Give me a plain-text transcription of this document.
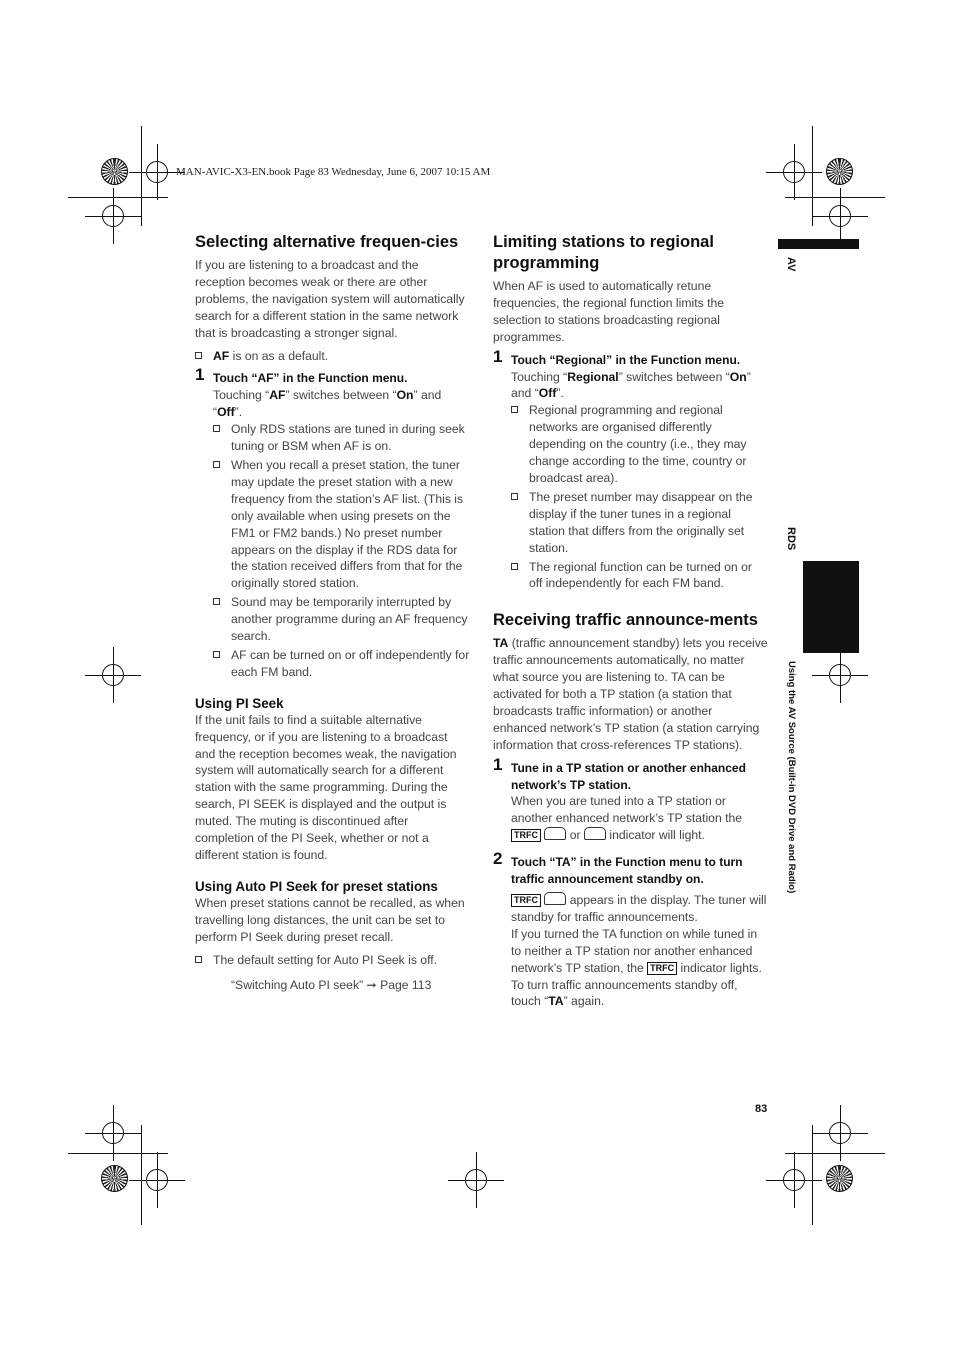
MAN-AVIC-X3-EN.book Page 83 Wednesday, June 6, 2007 10:15 AM
Selecting alternative frequen-cies

If you are listening to a broadcast and the reception becomes weak or there are other problems, the navigation system will automatically search for a different station in the same network that is broadcasting a stronger signal.

AF is on as a default.
1 Touch “AF” in the Function menu.
Touching “AF” switches between “On” and “Off”.
Only RDS stations are tuned in during seek tuning or BSM when AF is on.
When you recall a preset station, the tuner may update the preset station with a new frequency from the station’s AF list. (This is only available when using presets on the FM1 or FM2 bands.) No preset number appears on the display if the RDS data for the station received differs from that for the originally stored station.
Sound may be temporarily interrupted by another programme during an AF frequency search.
AF can be turned on or off independently for each FM band.
Using PI Seek

If the unit fails to find a suitable alternative frequency, or if you are listening to a broadcast and the reception becomes weak, the navigation system will automatically search for a different station with the same programming. During the search, PI SEEK is displayed and the output is muted. The muting is discontinued after completion of the PI Seek, whether or not a different station is found.

Using Auto PI Seek for preset stations

When preset stations cannot be recalled, as when travelling long distances, the unit can be set to perform PI Seek during preset recall.

The default setting for Auto PI Seek is off.
“Switching Auto PI seek” ➞ Page 113
Limiting stations to regional programming

When AF is used to automatically retune frequencies, the regional function limits the selection to stations broadcasting regional programmes.

1 Touch “Regional” in the Function menu.
Touching “Regional” switches between “On” and “Off”.
Regional programming and regional networks are organised differently depending on the country (i.e., they may change according to the time, country or broadcast area).
The preset number may disappear on the display if the tuner tunes in a regional station that differs from the originally set station.
The regional function can be turned on or off independently for each FM band.
Receiving traffic announce-ments

TA (traffic announcement standby) lets you receive traffic announcements automatically, no matter what source you are listening to. TA can be activated for both a TP station (a station that broadcasts traffic information) or another enhanced network’s TP station (a station carrying information that cross-references TP stations).

1 Tune in a TP station or another enhanced network’s TP station.
When you are tuned into a TP station or another enhanced network’s TP station the
TRFC  or  indicator will light.
2 Touch “TA” in the Function menu to turn traffic announcement standby on.
TRFC  appears in the display. The tuner will standby for traffic announcements.
If you turned the TA function on while tuned in to neither a TP station nor another enhanced network’s TP station, the TRFC indicator lights.
To turn traffic announcements standby off, touch “TA” again.
AV
RDS
Chapter 6
Using the AV Source (Built-in DVD Drive and Radio)
83
